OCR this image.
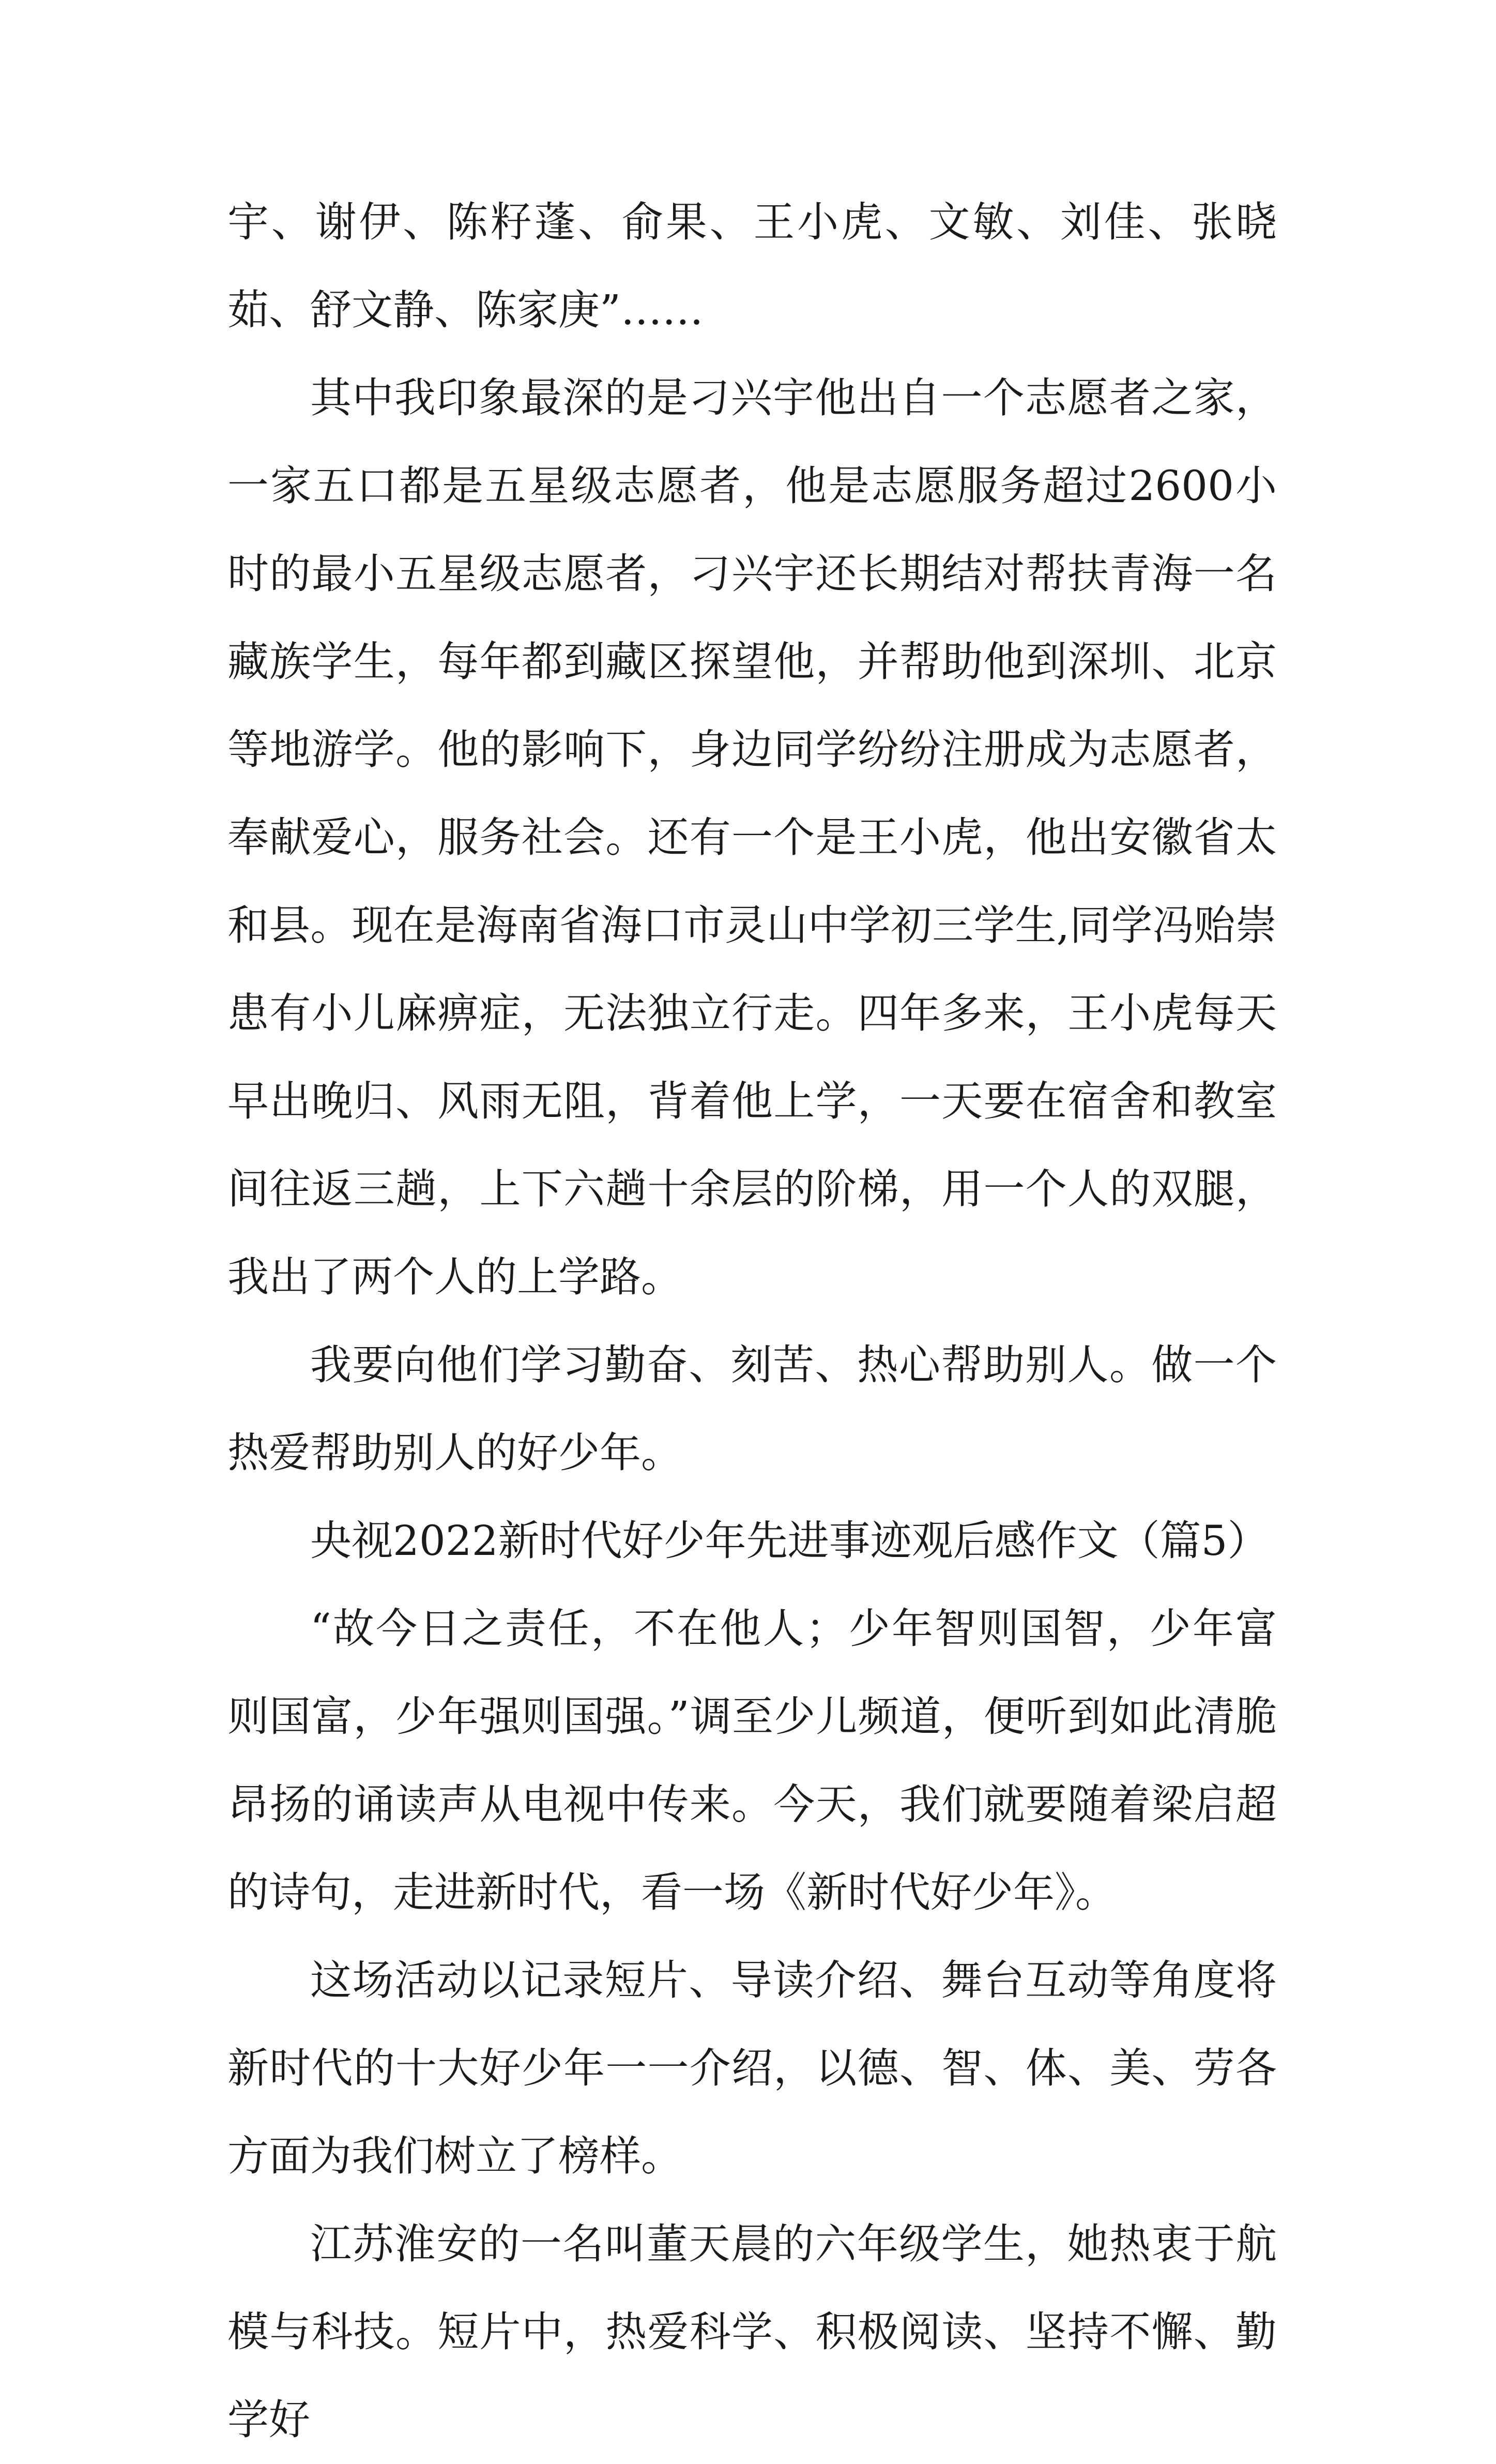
宇、谢伊、陈籽蓬、俞果、王小虎、文敏、刘佳、张晓茹、舒文静、陈家庚”……

其中我印象最深的是刁兴宇他出自一个志愿者之家，一家五口都是五星级志愿者，他是志愿服务超过2600小时的最小五星级志愿者，刁兴宇还长期结对帮扶青海一名藏族学生，每年都到藏区探望他，并帮助他到深圳、北京等地游学。他的影响下，身边同学纷纷注册成为志愿者，奉献爱心，服务社会。还有一个是王小虎，他出安徽省太和县。现在是海南省海口市灵山中学初三学生,同学冯贻崇患有小儿麻痹症，无法独立行走。四年多来，王小虎每天早出晚归、风雨无阻，背着他上学，一天要在宿舍和教室间往返三趟，上下六趟十余层的阶梯，用一个人的双腿，我出了两个人的上学路。

我要向他们学习勤奋、刻苦、热心帮助别人。做一个热爱帮助别人的好少年。

央视2022新时代好少年先进事迹观后感作文（篇5）

“故今日之责任，不在他人；少年智则国智，少年富则国富，少年强则国强。”调至少儿频道，便听到如此清脆昂扬的诵读声从电视中传来。今天，我们就要随着梁启超的诗句，走进新时代，看一场《新时代好少年》。

这场活动以记录短片、导读介绍、舞台互动等角度将新时代的十大好少年一一介绍，以德、智、体、美、劳各方面为我们树立了榜样。

江苏淮安的一名叫董天晨的六年级学生，她热衷于航模与科技。短片中，热爱科学、积极阅读、坚持不懈、勤学好
